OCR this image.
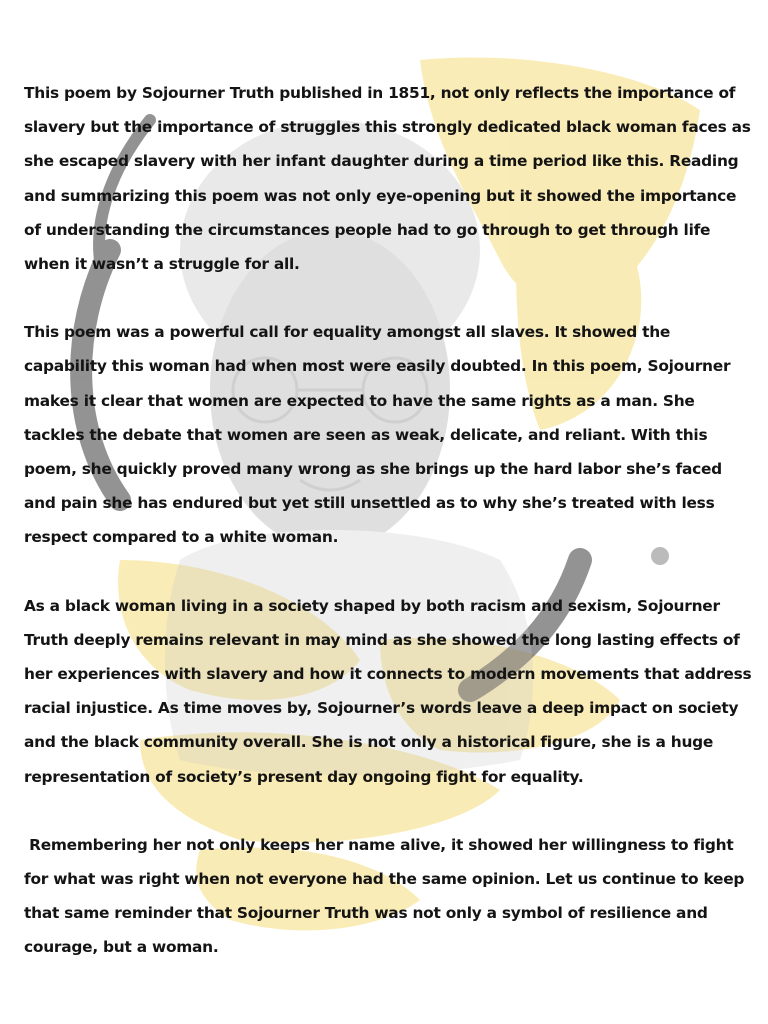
This poem by Sojourner Truth published in 1851, not only reflects the importance of slavery but the importance of struggles this strongly dedicated black woman faces as she escaped slavery with her infant daughter during a time period like this. Reading and summarizing this poem was not only eye-opening but it showed the importance of understanding the circumstances people had to go through to get through life when it wasn’t a struggle for all.

This poem was a powerful call for equality amongst all slaves. It showed the capability this woman had when most were easily doubted. In this poem, Sojourner makes it clear that women are expected to have the same rights as a man. She tackles the debate that women are seen as weak, delicate, and reliant. With this poem, she quickly proved many wrong as she brings up the hard labor she’s faced and pain she has endured but yet still unsettled as to why she’s treated with less respect compared to a white woman.

As a black woman living in a society shaped by both racism and sexism, Sojourner Truth deeply remains relevant in may mind as she showed the long lasting effects of her experiences with slavery and how it connects to modern movements that address racial injustice. As time moves by, Sojourner’s words leave a deep impact on society and the black community overall. She is not only a historical figure, she is a huge representation of society’s present day ongoing fight for equality.

Remembering her not only keeps her name alive, it showed her willingness to fight for what was right when not everyone had the same opinion. Let us continue to keep that same reminder that Sojourner Truth was not only a symbol of resilience and courage, but a woman.
